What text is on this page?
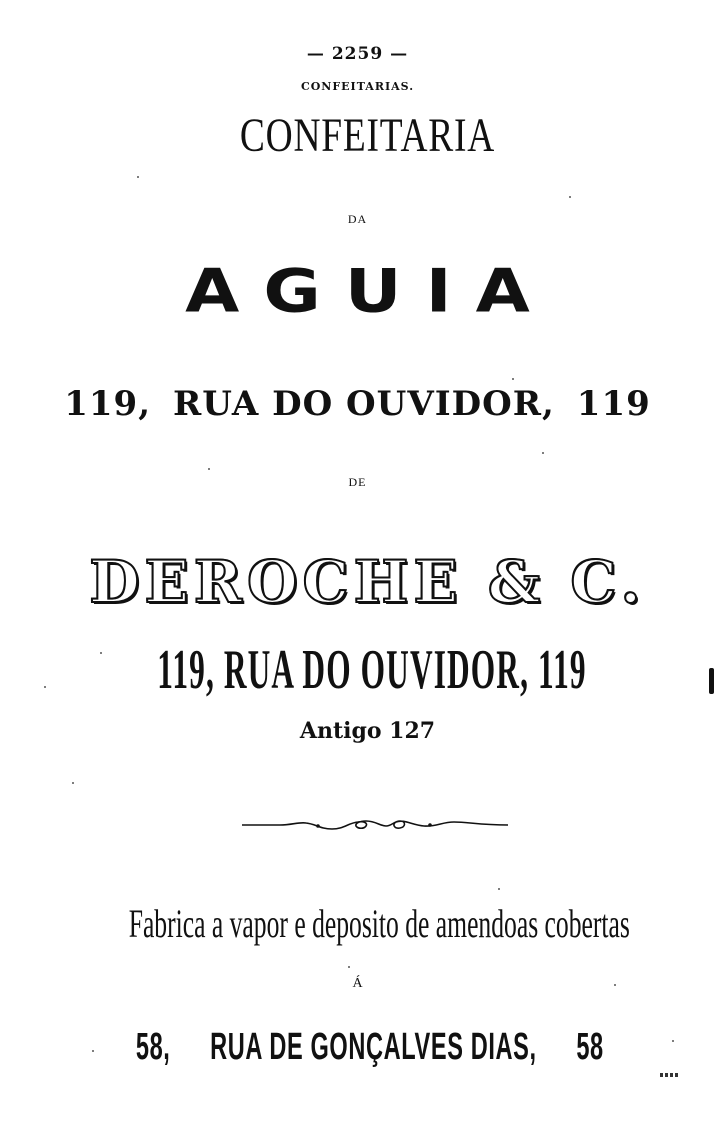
— 2259 —
CONFEITARIAS.
CONFEITARIA
DA
AGUIA
119, RUA DO OUVIDOR, 119
DE
DEROCHE & C.
119, RUA DO OUVIDOR, 119
Antigo 127
Fabrica a vapor e deposito de amendoas cobertas
Á
58, RUA DE GONÇALVES DIAS, 58
